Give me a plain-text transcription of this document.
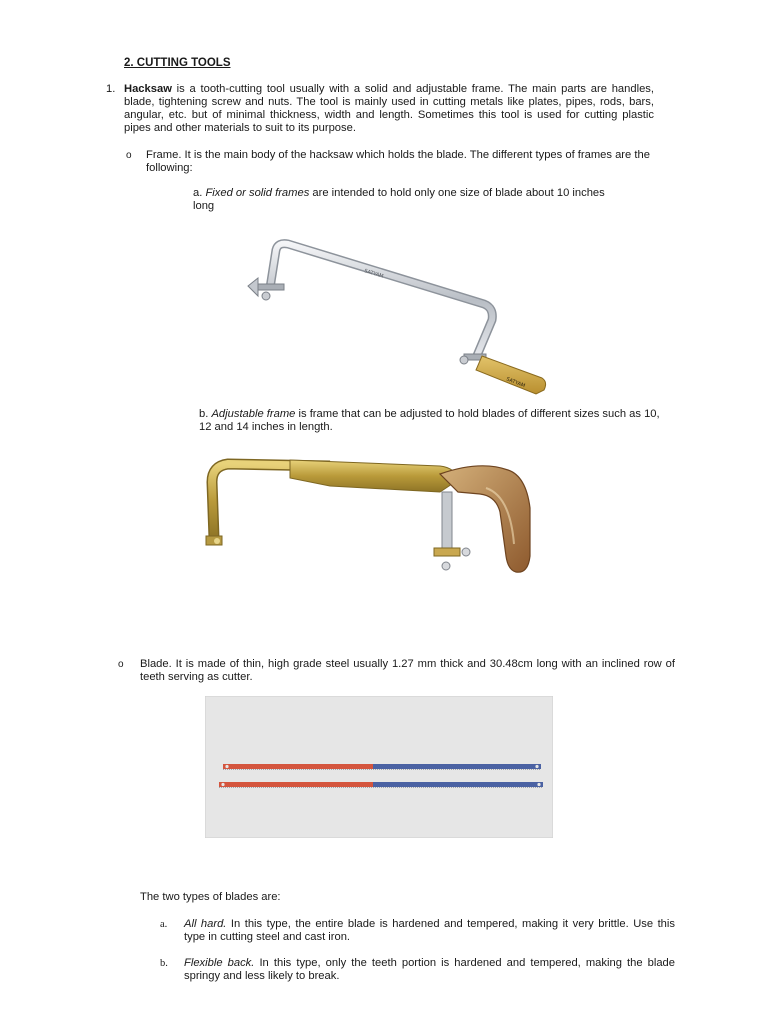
2. CUTTING TOOLS
1. Hacksaw is a tooth-cutting tool usually with a solid and adjustable frame. The main parts are handles, blade, tightening screw and nuts. The tool is mainly used in cutting metals like plates, pipes, rods, bars, angular, etc. but of minimal thickness, width and length. Sometimes this tool is used for cutting plastic pipes and other materials to suit to its purpose.
o Frame. It is the main body of the hacksaw which holds the blade. The different types of frames are the following:
a. Fixed or solid frames are intended to hold only one size of blade about 10 inches long
SATYAM
SATYAM
b. Adjustable frame is frame that can be adjusted to hold blades of different sizes such as 10, 12 and 14 inches in length.
o Blade. It is made of thin, high grade steel usually 1.27 mm thick and 30.48cm long with an inclined row of teeth serving as cutter.
The two types of blades are:
a. All hard. In this type, the entire blade is hardened and tempered, making it very brittle. Use this type in cutting steel and cast iron.
b. Flexible back. In this type, only the teeth portion is hardened and tempered, making the blade springy and less likely to break.
